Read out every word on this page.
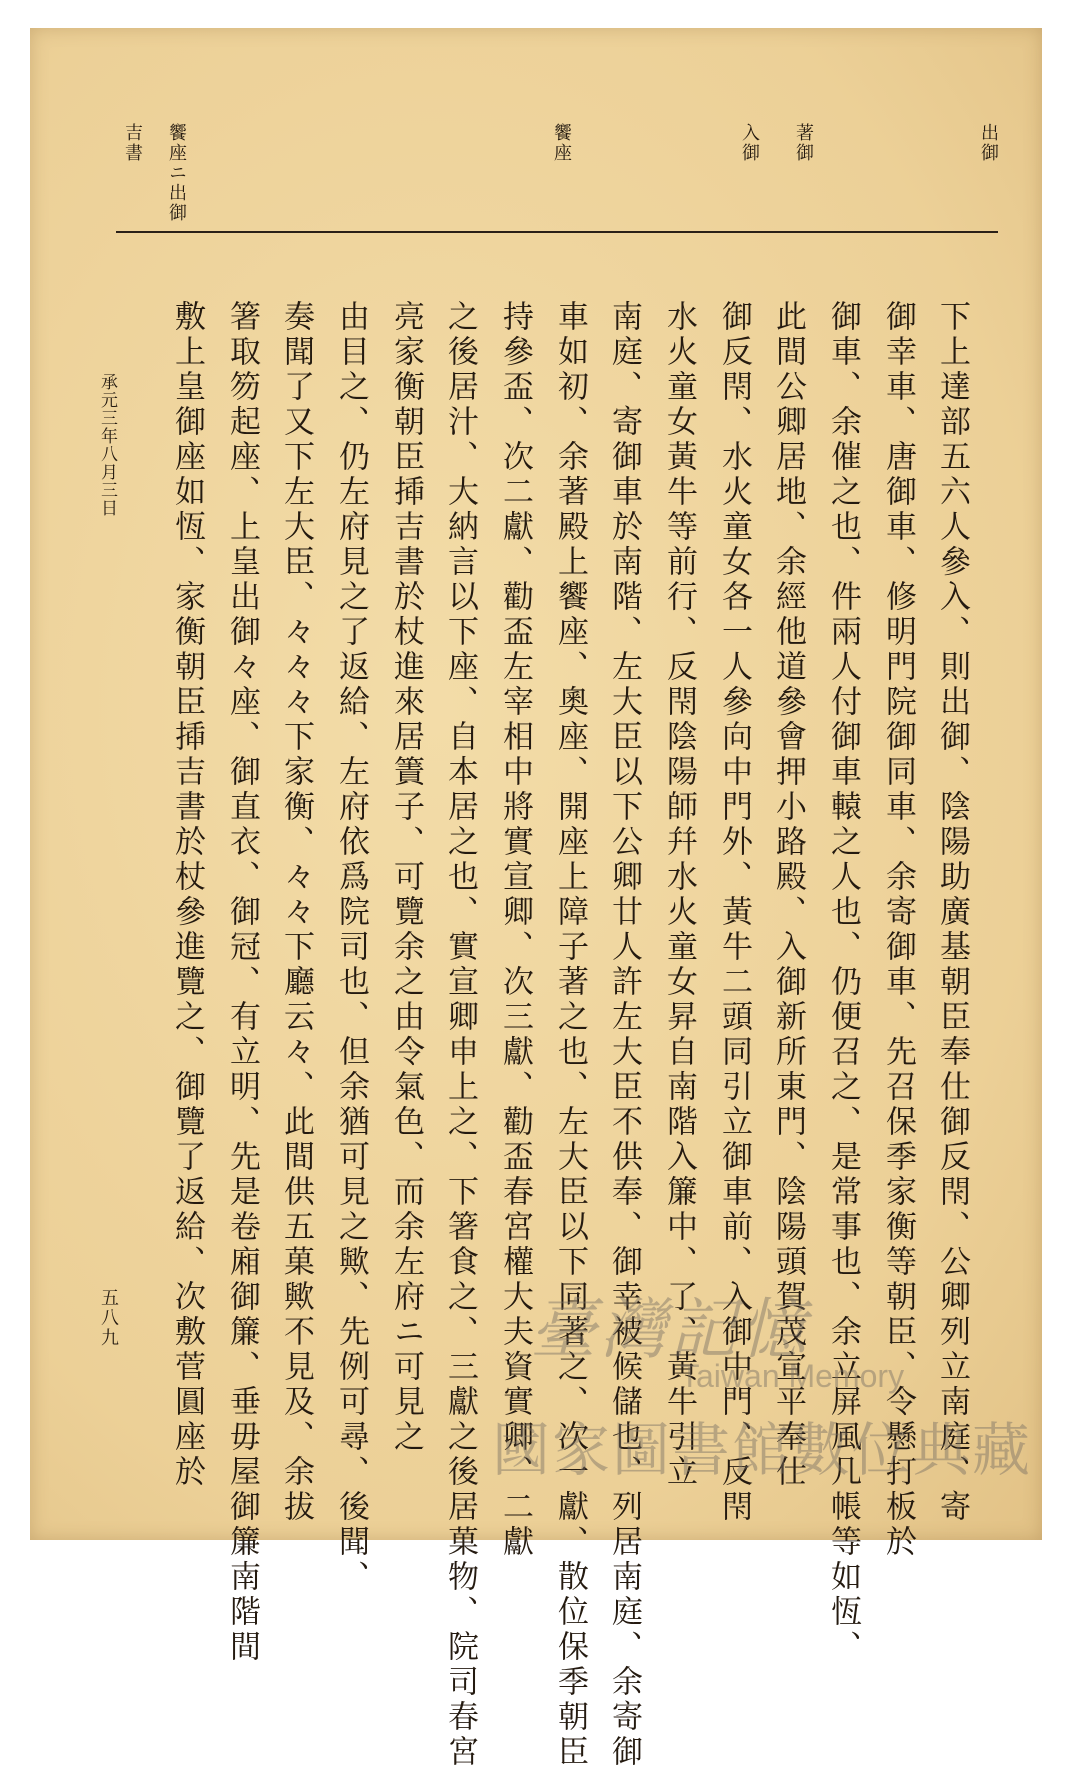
出御
著御
入御
饗座
饗座ニ出御
吉書
下上達部五六人參入、則出御、陰陽助廣基朝臣奉仕御反閇、公卿列立南庭、寄
御幸車、唐御車、修明門院御同車、余寄御車、先召保季家衡等朝臣、令懸打板於
御車、余催之也、件兩人付御車轅之人也、仍便召之、是常事也、余立屏風几帳等如恆、
此間公卿居地、余經他道參會押小路殿、入御新所東門、陰陽頭賀茂宣平奉仕
御反閇、水火童女各一人參向中門外、黃牛二頭同引立御車前、入御中門、反閇
水火童女黃牛等前行、反閇陰陽師幷水火童女昇自南階入簾中、了、黃牛引立
南庭、寄御車於南階、左大臣以下公卿廿人許左大臣不供奉、御幸被候儲也、列居南庭、余寄御
車如初、余著殿上饗座、奧座、開座上障子著之也、左大臣以下同著之、次一獻、散位保季朝臣
持參盃、次二獻、勸盃左宰相中將實宣卿、次三獻、勸盃春宮權大夫資實卿、二獻
之後居汁、大納言以下座、自本居之也、實宣卿申上之、下箸食之、三獻之後居菓物、院司春宮
亮家衡朝臣揷吉書於杖進來居簀子、可覽余之由令氣色、而余左府ニ可見之
由目之、仍左府見之了返給、左府依爲院司也、但余猶可見之歟、先例可尋、後聞、
奏聞了又下左大臣、々々々下家衡、々々下廳云々、此間供五菓歟不見及、余拔
箸取笏起座、上皇出御々座、御直衣、御冠、有立明、先是卷廂御簾、垂毋屋御簾南階間
敷上皇御座如恆、家衡朝臣揷吉書於杖參進覽之、御覽了返給、次敷菅圓座於
承元三年八月三日
五八九	臺灣記憶
Taiwan Memory
國家圖書館數位典藏
